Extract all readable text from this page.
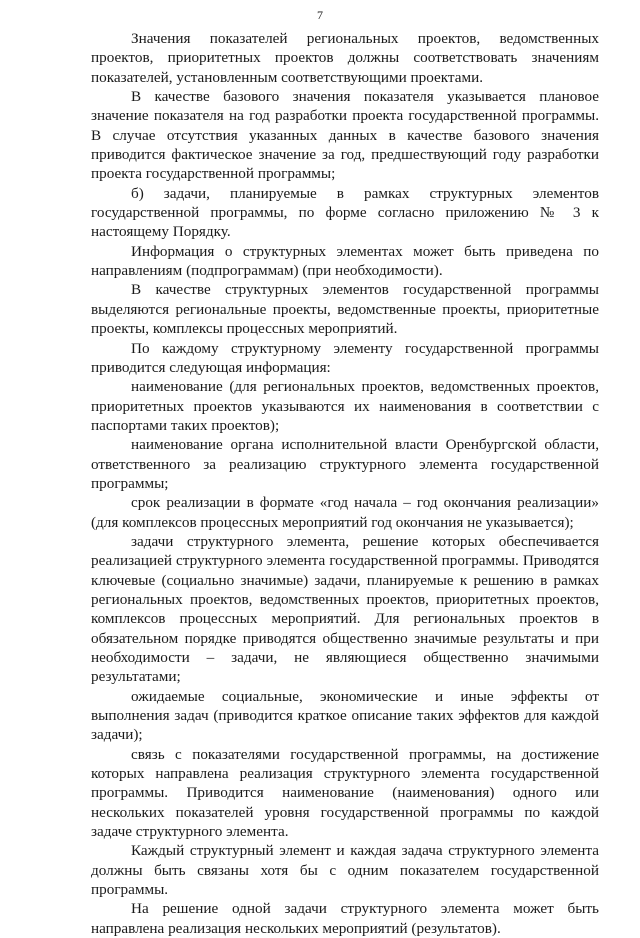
7

Значения показателей региональных проектов, ведомственных проектов, приоритетных проектов должны соответствовать значениям показателей, установленным соответствующими проектами.

В качестве базового значения показателя указывается плановое значение показателя на год разработки проекта государственной программы. В случае отсутствия указанных данных в качестве базового значения приводится фактическое значение за год, предшествующий году разработки проекта государственной программы;

б) задачи, планируемые в рамках структурных элементов государственной программы, по форме согласно приложению № 3 к настоящему Порядку.

Информация о структурных элементах может быть приведена по направлениям (подпрограммам) (при необходимости).

В качестве структурных элементов государственной программы выделяются региональные проекты, ведомственные проекты, приоритетные проекты, комплексы процессных мероприятий.

По каждому структурному элементу государственной программы приводится следующая информация:

наименование (для региональных проектов, ведомственных проектов, приоритетных проектов указываются их наименования в соответствии с паспортами таких проектов);

наименование органа исполнительной власти Оренбургской области, ответственного за реализацию структурного элемента государственной программы;

срок реализации в формате «год начала – год окончания реализации» (для комплексов процессных мероприятий год окончания не указывается);

задачи структурного элемента, решение которых обеспечивается реализацией структурного элемента государственной программы. Приводятся ключевые (социально значимые) задачи, планируемые к решению в рамках региональных проектов, ведомственных проектов, приоритетных проектов, комплексов процессных мероприятий. Для региональных проектов в обязательном порядке приводятся общественно значимые результаты и при необходимости – задачи, не являющиеся общественно значимыми результатами;

ожидаемые социальные, экономические и иные эффекты от выполнения задач (приводится краткое описание таких эффектов для каждой задачи);

связь с показателями государственной программы, на достижение которых направлена реализация структурного элемента государственной программы. Приводится наименование (наименования) одного или нескольких показателей уровня государственной программы по каждой задаче структурного элемента.

Каждый структурный элемент и каждая задача структурного элемента должны быть связаны хотя бы с одним показателем государственной программы.

На решение одной задачи структурного элемента может быть направлена реализация нескольких мероприятий (результатов).
